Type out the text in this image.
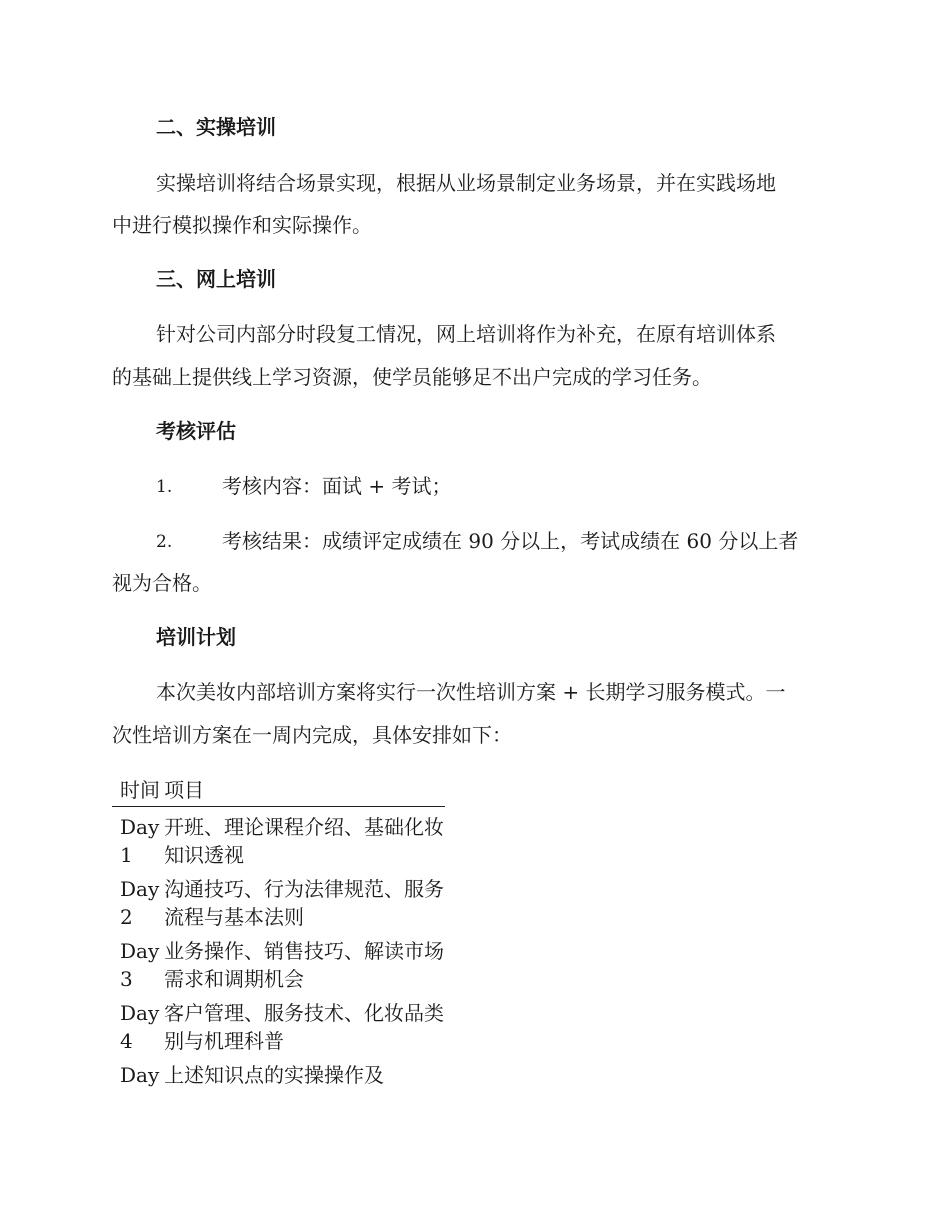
二、实操培训
实操培训将结合场景实现，根据从业场景制定业务场景，并在实践场地
中进行模拟操作和实际操作。
三、网上培训
针对公司内部分时段复工情况，网上培训将作为补充，在原有培训体系
的基础上提供线上学习资源，使学员能够足不出户完成的学习任务。
考核评估
1. 考核内容：面试 + 考试；
2. 考核结果：成绩评定成绩在 90 分以上，考试成绩在 60 分以上者
视为合格。
培训计划
本次美妆内部培训方案将实行一次性培训方案 + 长期学习服务模式。一
次性培训方案在一周内完成，具体安排如下：
时间	项目
Day 1	开班、理论课程介绍、基础化妆知识透视
Day 2	沟通技巧、行为法律规范、服务流程与基本法则
Day 3	业务操作、销售技巧、解读市场需求和调期机会
Day 4	客户管理、服务技术、化妆品类别与机理科普
Day	上述知识点的实操操作及
